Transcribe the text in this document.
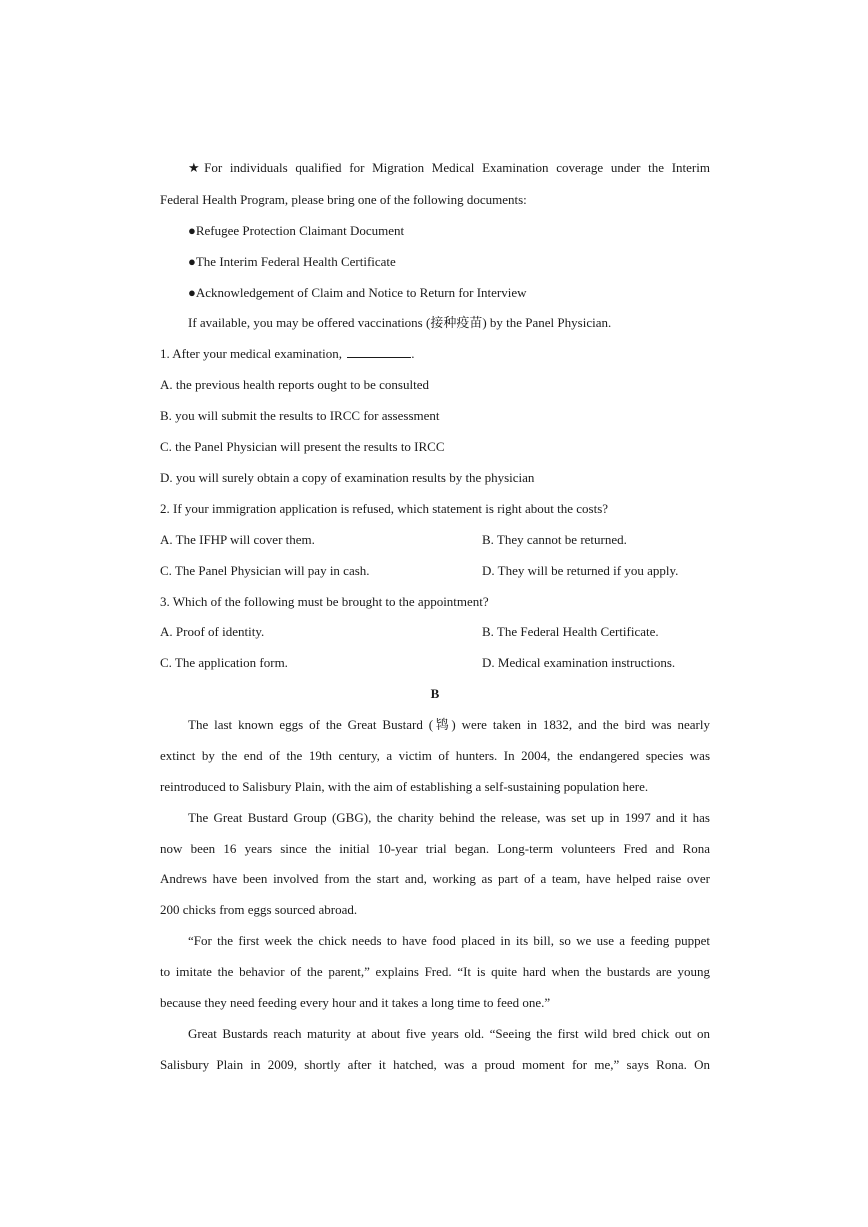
★For individuals qualified for Migration Medical Examination coverage under the Interim
Federal Health Program, please bring one of the following documents:
●Refugee Protection Claimant Document
●The Interim Federal Health Certificate
●Acknowledgement of Claim and Notice to Return for Interview
If available, you may be offered vaccinations (接种疫苗) by the Panel Physician.
1. After your medical examination,	.
A. the previous health reports ought to be consulted
B. you will submit the results to IRCC for assessment
C. the Panel Physician will present the results to IRCC
D. you will surely obtain a copy of examination results by the physician
2. If your immigration application is refused, which statement is right about the costs?
A. The IFHP will cover them.	B. They cannot be returned.
C. The Panel Physician will pay in cash.	D. They will be returned if you apply.
3. Which of the following must be brought to the appointment?
A. Proof of identity.	B. The Federal Health Certificate.
C. The application form.	D. Medical examination instructions.
B
The last known eggs of the Great Bustard (鸨) were taken in 1832, and the bird was nearly
extinct by the end of the 19th century, a victim of hunters. In 2004, the endangered species was
reintroduced to Salisbury Plain, with the aim of establishing a self-sustaining population here.
The Great Bustard Group (GBG), the charity behind the release, was set up in 1997 and it has
now been 16 years since the initial 10-year trial began. Long-term volunteers Fred and Rona
Andrews have been involved from the start and, working as part of a team, have helped raise over
200 chicks from eggs sourced abroad.
“For the first week the chick needs to have food placed in its bill, so we use a feeding puppet
to imitate the behavior of the parent,” explains Fred. “It is quite hard when the bustards are young
because they need feeding every hour and it takes a long time to feed one.”
Great Bustards reach maturity at about five years old. “Seeing the first wild bred chick out on
Salisbury Plain in 2009, shortly after it hatched, was a proud moment for me,” says Rona. On
